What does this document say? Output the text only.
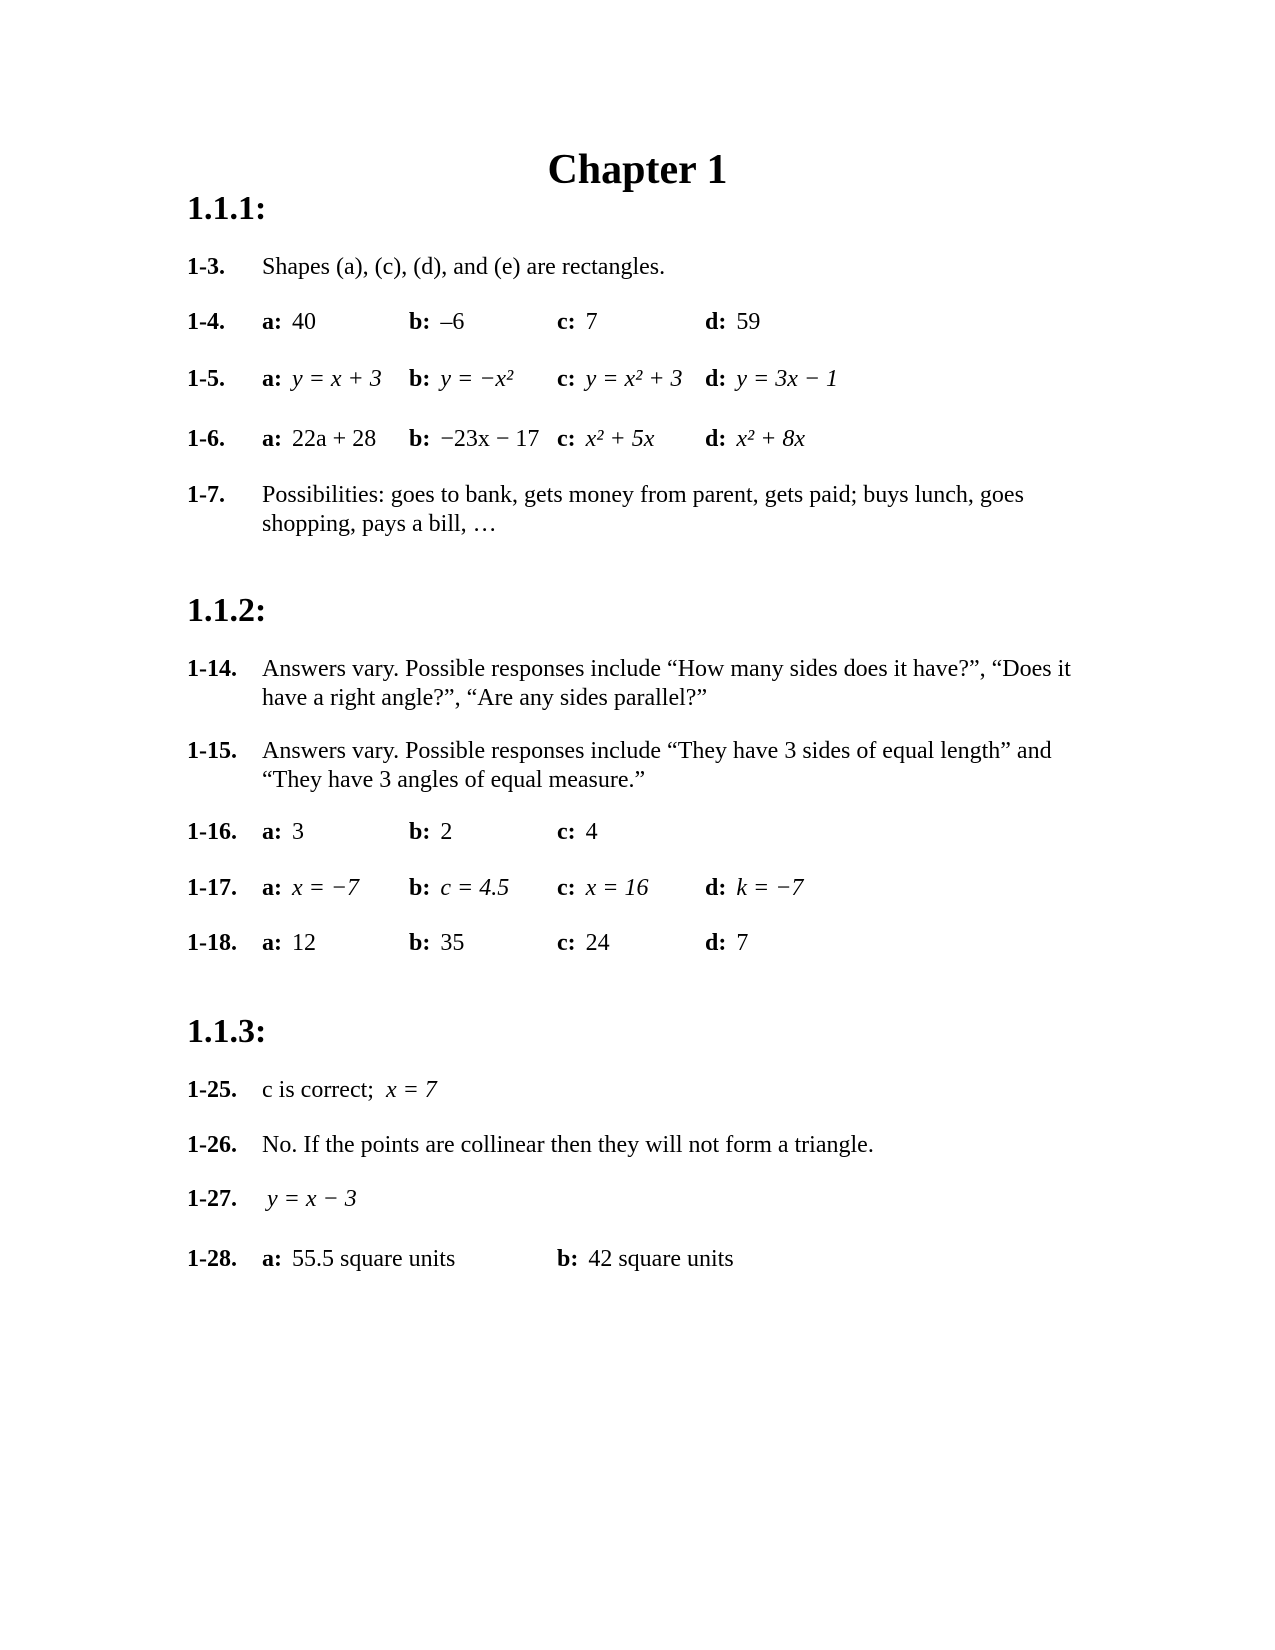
Chapter 1
1.1.1:
1-3. Shapes (a), (c), (d), and (e) are rectangles.
1-4. a: 40	b: –6	c: 7	d: 59
1-5. a: y = x + 3 b: y = −x² c: y = x² + 3 d: y = 3x − 1
1-6. a: 22a + 28 b: −23x − 17 c: x² + 5x d: x² + 8x
1-7. Possibilities: goes to bank, gets money from parent, gets paid; buys lunch, goes shopping, pays a bill, …
1.1.2:
1-14. Answers vary. Possible responses include “How many sides does it have?”, “Does it have a right angle?”, “Are any sides parallel?”
1-15. Answers vary. Possible responses include “They have 3 sides of equal length” and “They have 3 angles of equal measure.”
1-16. a: 3	b: 2	c: 4
1-17. a: x = −7 b: c = 4.5 c: x = 16 d: k = −7
1-18. a: 12	b: 35	c: 24	d: 7
1.1.3:
1-25. c is correct; x = 7
1-26. No. If the points are collinear then they will not form a triangle.
1-27. y = x − 3
1-28. a: 55.5 square units	b: 42 square units
